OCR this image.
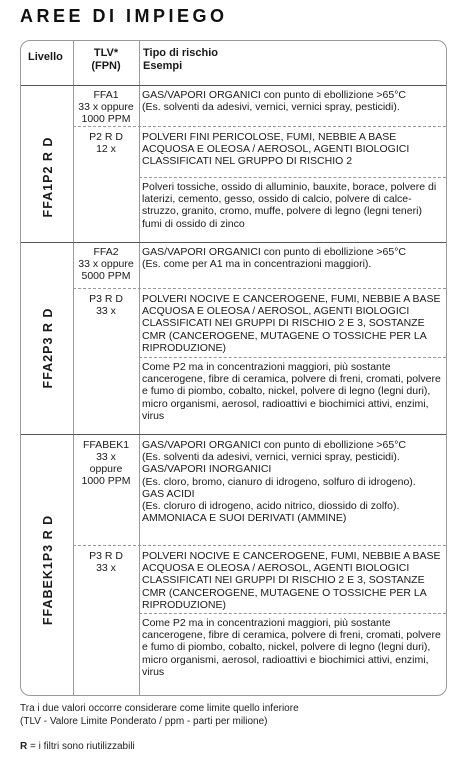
AREE DI IMPIEGO
Livello	TLV*
(FPN)
Tipo di rischio
Esempi
FFA1P2 R D
FFA1
33 x oppure
1000 PPM
GAS/VAPORI ORGANICI con punto di ebollizione >65°C
(Es. solventi da adesivi, vernici, vernici spray, pesticidi).
P2 R D
12 x
POLVERI FINI PERICOLOSE, FUMI, NEBBIE A BASE ACQUOSA E OLEOSA / AEROSOL, AGENTI BIOLOGICI CLASSIFICATI NEL GRUPPO DI RISCHIO 2
Polveri tossiche, ossido di alluminio, bauxite, borace, polvere di laterizi, cemento, gesso, ossido di calcio, polvere di calce-struzzo, granito, cromo, muffe, polvere di legno (legni teneri) fumi di ossido di zinco
FFA2P3 R D
FFA2
33 x oppure
5000 PPM
GAS/VAPORI ORGANICI con punto di ebollizione >65°C
(Es. come per A1 ma in concentrazioni maggiori).
P3 R D
33 x
POLVERI NOCIVE E CANCEROGENE, FUMI, NEBBIE A BASE ACQUOSA E OLEOSA / AEROSOL, AGENTI BIOLOGICI CLASSIFICATI NEI GRUPPI DI RISCHIO 2 E 3, SOSTANZE CMR (CANCEROGENE, MUTAGENE O TOSSICHE PER LA RIPRODUZIONE)
Come P2 ma in concentrazioni maggiori, più sostante cancerogene, fibre di ceramica, polvere di freni, cromati, polvere e fumo di piombo, cobalto, nickel, polvere di legno (legni duri), micro organismi, aerosol, radioattivi e biochimici attivi, enzimi, virus
FFABEK1P3 R D
FFABEK1
33 x
oppure
1000 PPM
GAS/VAPORI ORGANICI con punto di ebollizione >65°C
(Es. solventi da adesivi, vernici, vernici spray, pesticidi).
GAS/VAPORI INORGANICI
(Es. cloro, bromo, cianuro di idrogeno, solfuro di idrogeno).
GAS ACIDI
(Es. cloruro di idrogeno, acido nitrico, diossido di zolfo).
AMMONIACA E SUOI DERIVATI (AMMINE)
P3 R D
33 x
POLVERI NOCIVE E CANCEROGENE, FUMI, NEBBIE A BASE ACQUOSA E OLEOSA / AEROSOL, AGENTI BIOLOGICI CLASSIFICATI NEI GRUPPI DI RISCHIO 2 E 3, SOSTANZE CMR (CANCEROGENE, MUTAGENE O TOSSICHE PER LA RIPRODUZIONE)
Come P2 ma in concentrazioni maggiori, più sostante cancerogene, fibre di ceramica, polvere di freni, cromati, polvere e fumo di piombo, cobalto, nickel, polvere di legno (legni duri), micro organismi, aerosol, radioattivi e biochimici attivi, enzimi, virus
Tra i due valori occorre considerare come limite quello inferiore
(TLV - Valore Limite Ponderato / ppm - parti per milione)
R = i filtri sono riutilizzabili
